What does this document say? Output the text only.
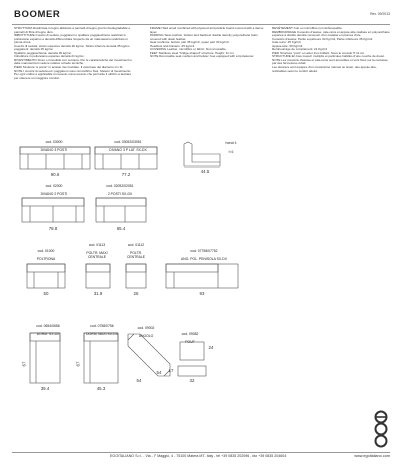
BOOMER	Rev. 09/2013
STRUTTURA Realizzata in legno abbinato a pannelli di legno grezzo biodegradabile e pannelli di fibra di legno duro.
IMBOTTITURE Cuscini di seduta, poggiareni e spalliere poggiaschiena realizzati in poliuretano espanso a densità differenziata ricoperto da un materassino realizzato in piuma d'oca.
Cuscini di seduta: strato superiore densità 30 kg/mc. Strato inferiore densità 35 kg/mc.
poggiareni: densità 25 kg/mc
Spalliere poggiaschiena: densità 30 kg/mc.
Imbottiture in poliuretano espanso densità 21 kg/mc.
RIVESTIMENTO Fisso o rimovibile con cerniera. Per le caratteristiche dei rivestimenti e delle manutenzioni vedere relative schede tecniche.
PIEDI Struttura "a ponte" in acciaio inox lucidato. Il vela base del diametro cm 11.
NOTE I cuscini di seduta ed i poggiareni sono removibili e fissi. Sistemi di rivestimento. Per ogni ordine è applicabile un tessuto come tessuto che permette il utilizzo a lasciare per ottenere un maggiore comfort.
FRAME Hard wood combined with plywood and particle board covered with a dense layer.
PADDING Seat cushion, bolster and backrest double density polyurethane foam covered with down feather.
Seat cushions: bottom part 35 kg/m3, upper part 30 kg/m3.
Headrest and bolsters: 25 kg/m3.
COVERING Leather, microfibre or fabric: Not removable.
FEET Stainless steel "bridge-shaped" structure. Height: 11 cm.
NOTE Removable seat cushion and bolster; feet equipped with a lip-fastener.
REVÊTEMENT Cuir ou microfibre non déhoussable.
REMBOURRAGE Coussins d'assise, cale-reins et appuie-tête réalisés en polyuréthane expansé à double densité recouvert d'un matelas en plumes d'oie.
Coussins d'assise: Partie supérieure 30 Kg/m3, Partie inférieure 35 Kg/m3.
Cale-reins: 25 Kg/m3
Appuie-tête: 30 Kg/m3
Rembourrage de complément: 21 Kg/m3
PIED Structure "pont" en acier inox brillant. Sous le coussin H 11 cm.
STRUCTURE En bois massif, multiplis et particules habillés d'une couche de duvet.
NOTE Les coussins d'assise et cale-reins sont amovibles et sont fixés sur la carcasse par des fermetures éclair.
Les dossiers sont équipés d'un mécanisme manuel ou levier, des appuie-tête, réclinables selon le confort désiré.

cod. 03000

DIVANO 3 POSTI

90.6

cod. 03052/03051

DIVANO 3 P LAT. SX-DX

77.2
44.5
hseat 4
h 6

cod. 02000

DIVANO 2 POSTI

78.8

cod. 02052/02051

2 POSTI SX-DX

65.4

cod. 01000

POLTRONA

50

cod. 01113

POLTR. MAXI
CENTRALE

31.9

cod. 01112

POLTR.
CENTRALE

26

cod. 07758/07752

ANG. POL. PENISOLA SX-DX

93

cod. 0654/0656

DORM. SX-DX

67
39.4

cod. 0758/0756

DORM. MAXI SX-DX

67
45.3

cod. 09002

ANGOLO

54
54

cod. 09082

POUF

24
17
32
EGOITALIANO S.r.l. - Via - I° Maggio, 4 - 75100 Matera MT- Italy - tel +39 0835 202096 - fax +39 0835 204604	www.egoitaliano.com
